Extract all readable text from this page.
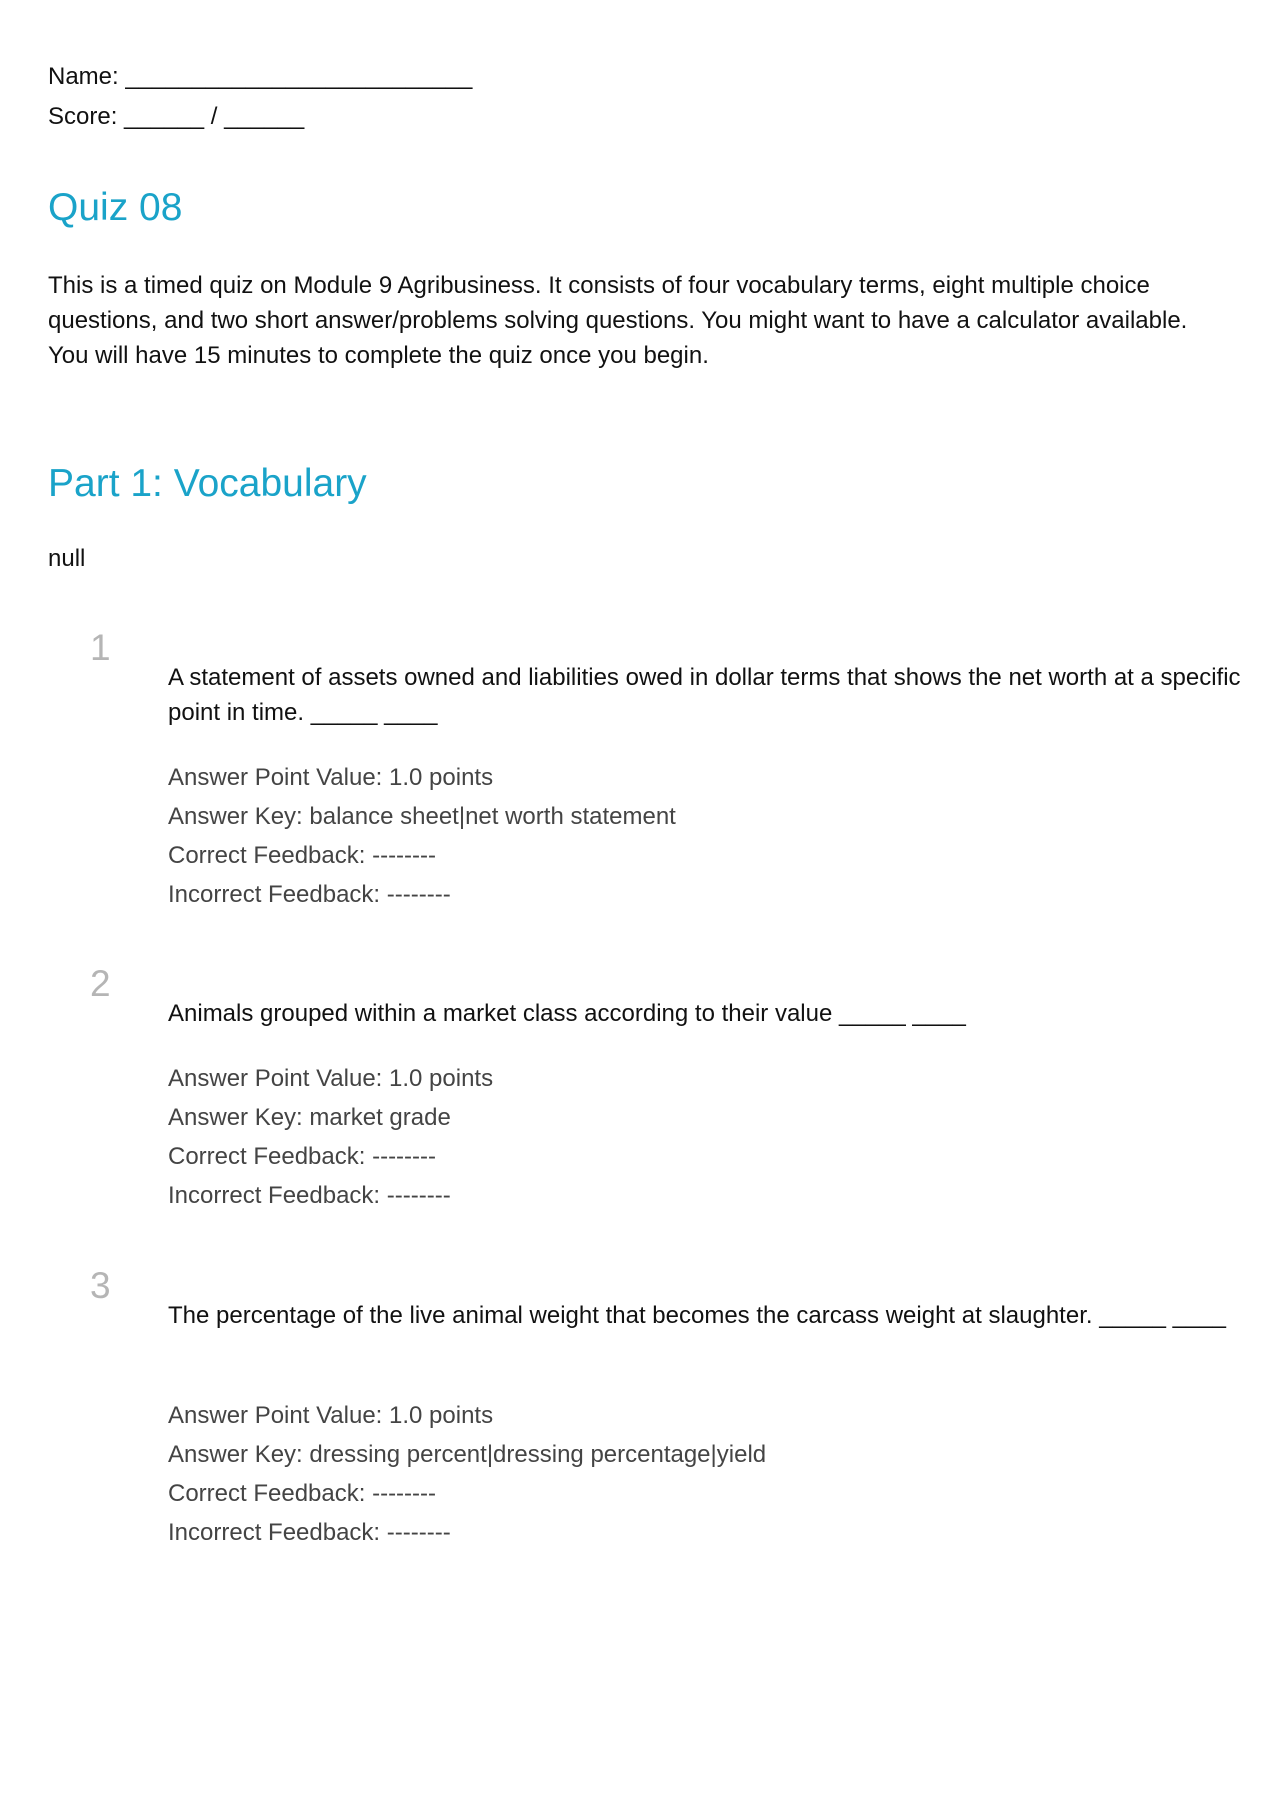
Name: __________________________
Score: ______ / ______
Quiz 08

This is a timed quiz on Module 9 Agribusiness. It consists of four vocabulary terms, eight multiple choice questions, and two short answer/problems solving questions. You might want to have a calculator available. You will have 15 minutes to complete the quiz once you begin.

Part 1: Vocabulary

null

1

A statement of assets owned and liabilities owed in dollar terms that shows the net worth at a specific point in time. _____ ____

Answer Point Value: 1.0 points
Answer Key: balance sheet|net worth statement
Correct Feedback: --------
Incorrect Feedback: --------
2

Animals grouped within a market class according to their value _____ ____

Answer Point Value: 1.0 points
Answer Key: market grade
Correct Feedback: --------
Incorrect Feedback: --------
3

The percentage of the live animal weight that becomes the carcass weight at slaughter. _____ ____

Answer Point Value: 1.0 points
Answer Key: dressing percent|dressing percentage|yield
Correct Feedback: --------
Incorrect Feedback: --------
